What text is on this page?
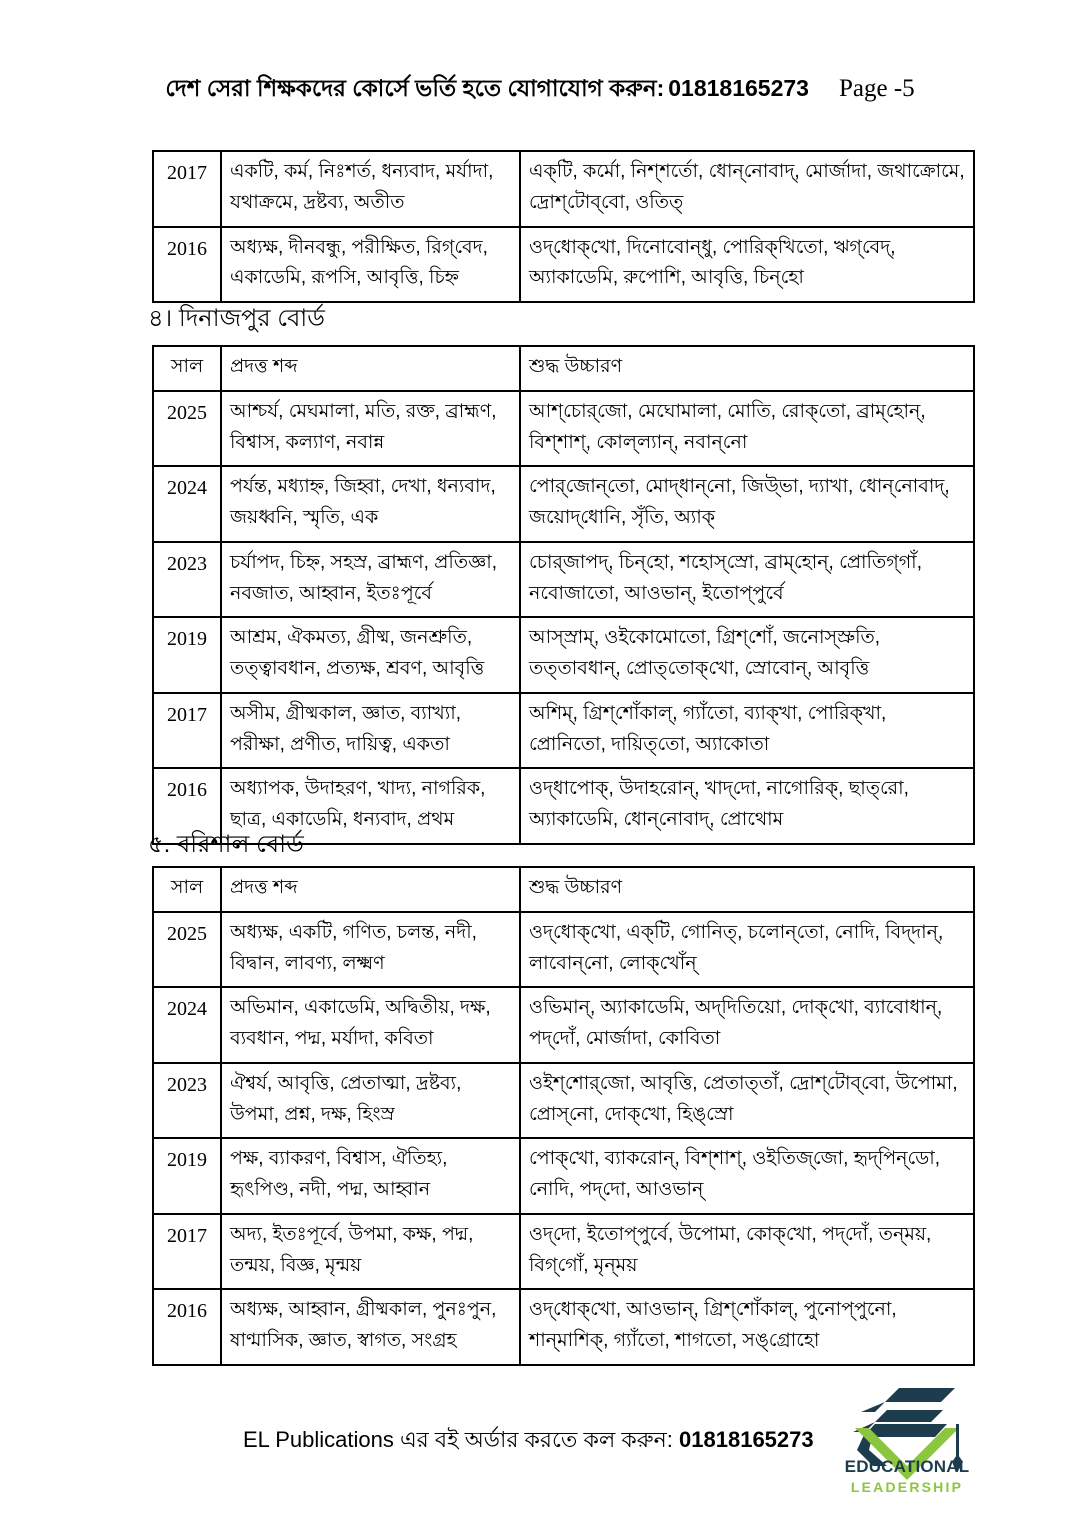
দেশ সেরা শিক্ষকদের কোর্সে ভর্তি হতে যোগাযোগ করুন: 01818165273 Page -5
2017	একটি, কর্ম, নিঃশর্ত, ধন্যবাদ, মর্যাদা, যথাক্রমে, দ্রষ্টব্য, অতীত	এক্‌টি, কর্মো, নিশ্‌শর্তো, ধোন্‌নোবাদ্‌, মোর্জাদা, জথাক্রোমে, দ্রোশ্‌টোব্‌বো, ওতিত্‌
2016	অধ্যক্ষ, দীনবন্ধু, পরীক্ষিত, রিগ্‌বেদ, একাডেমি, রূপসি, আবৃত্তি, চিহ্ন	ওদ্‌ধোক্‌খো, দিনোবোন্‌ধু, পোরিক্‌খিতো, ঋগ্‌বেদ্‌, অ্যাকাডেমি, রুপোশি, আবৃত্তি, চিন্‌হো
৪। দিনাজপুর বোর্ড
সাল	প্রদত্ত শব্দ	শুদ্ধ উচ্চারণ
2025	আশ্চর্য, মেঘমালা, মতি, রক্ত, ব্রাহ্মণ, বিশ্বাস, কল্যাণ, নবান্ন	আশ্‌চোর্‌জো, মেঘোমালা, মোতি, রোক্‌তো, ব্রাম্‌হোন্‌, বিশ্‌শাশ্‌, কোল্‌ল্যান্‌, নবান্‌নো
2024	পর্যন্ত, মধ্যাহ্ন, জিহ্বা, দেখা, ধন্যবাদ, জয়ধ্বনি, স্মৃতি, এক	পোর্‌জোন্‌তো, মোদ্‌ধান্‌নো, জিউ্‌ভা, দ্যাখা, ধোন্‌নোবাদ্‌, জয়োদ্‌ধোনি, সৃঁতি, অ্যাক্‌
2023	চর্যাপদ, চিহ্ন, সহস্র, ব্রাহ্মণ, প্রতিজ্ঞা, নবজাত, আহ্বান, ইতঃপূর্বে	চোর্‌জাপদ্‌, চিন্‌হো, শহোস্‌স্রো, ব্রাম্‌হোন্‌, প্রোতিগ্‌গাঁ, নবোজাতো, আওভান্‌, ইতোপ্‌পুর্বে
2019	আশ্রম, ঐকমত্য, গ্রীষ্ম, জনশ্রুতি, তত্ত্বাবধান, প্রত্যক্ষ, শ্রবণ, আবৃত্তি	আস্‌স্রাম্‌, ওইকোমোতো, গ্রিশ্‌শোঁ, জনোস্‌স্রুতি, তত্‌তাবধান্‌, প্রোত্‌তোক্‌খো, স্রোবোন্‌, আবৃত্তি
2017	অসীম, গ্রীষ্মকাল, জ্ঞাত, ব্যাখ্যা, পরীক্ষা, প্রণীত, দায়িত্ব, একতা	অশিম্‌, গ্রিশ্‌শোঁকাল্‌, গ্যাঁতো, ব্যাক্‌খা, পোরিক্‌খা, প্রোনিতো, দায়িত্‌তো, অ্যাকোতা
2016	অধ্যাপক, উদাহরণ, খাদ্য, নাগরিক, ছাত্র, একাডেমি, ধন্যবাদ, প্রথম	ওদ্‌ধাপোক্‌, উদাহরোন্‌, খাদ্‌দো, নাগোরিক্‌, ছাত্‌রো, অ্যাকাডেমি, ধোন্‌নোবাদ্‌, প্রোথোম
৫. বরিশাল বোর্ড
সাল	প্রদত্ত শব্দ	শুদ্ধ উচ্চারণ
2025	অধ্যক্ষ, একটি, গণিত, চলন্ত, নদী, বিদ্বান, লাবণ্য, লক্ষ্মণ	ওদ্‌ধোক্‌খো, এক্‌টি, গোনিত্‌, চলোন্‌তো, নোদি, বিদ্‌দান্‌, লাবোন্‌নো, লোক্‌খোঁন্‌
2024	অভিমান, একাডেমি, অদ্বিতীয়, দক্ষ, ব্যবধান, পদ্ম, মর্যাদা, কবিতা	ওভিমান্‌, অ্যাকাডেমি, অদ্‌দিতিয়ো, দোক্‌খো, ব্যাবোধান্‌, পদ্‌দোঁ, মোর্জাদা, কোবিতা
2023	ঐশ্বর্য, আবৃত্তি, প্রেতাত্মা, দ্রষ্টব্য, উপমা, প্রশ্ন, দক্ষ, হিংস্র	ওইশ্‌শোর্‌জো, আবৃত্তি, প্রেতাত্‌তাঁ, দ্রোশ্‌টোব্‌বো, উপোমা, প্রোস্‌নো, দোক্‌খো, হিঙ্‌স্রো
2019	পক্ষ, ব্যাকরণ, বিশ্বাস, ঐতিহ্য, হৃৎপিণ্ড, নদী, পদ্ম, আহ্বান	পোক্‌খো, ব্যাকরোন্‌, বিশ্‌শাশ্‌, ওইতিজ্‌জো, হৃদ্‌পিন্‌ডো, নোদি, পদ্‌দো, আওভান্‌
2017	অদ্য, ইতঃপূর্বে, উপমা, কক্ষ, পদ্ম, তন্ময়, বিজ্ঞ, মৃন্ময়	ওদ্‌দো, ইতোপ্‌পুর্বে, উপোমা, কোক্‌খো, পদ্‌দোঁ, তন্‌ময়, বিগ্‌গোঁ, মৃন্‌ময়
2016	অধ্যক্ষ, আহ্বান, গ্রীষ্মকাল, পুনঃপুন, ষাণ্মাসিক, জ্ঞাত, স্বাগত, সংগ্রহ	ওদ্‌ধোক্‌খো, আওভান্‌, গ্রিশ্‌শোঁকাল্‌, পুনোপ্‌পুনো, শান্‌মাশিক্‌, গ্যাঁতো, শাগতো, সঙ্‌গ্রোহো
EL Publications এর বই অর্ডার করতে কল করুন: 01818165273
EDUCATIONAL
LEADERSHIP
